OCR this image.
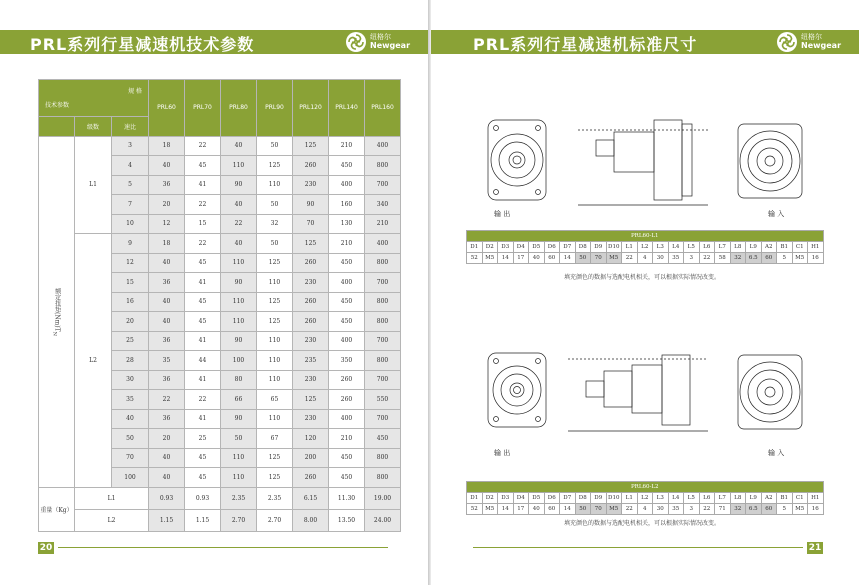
PRL系列行星减速机技术参数	纽格尔
Newgear
规 格
技术参数			PRL60	PRL70	PRL80	PRL90	PRL120	PRL140	PRL160
	级数	速比							
额定扭矩$(Nm)T_N$	L1	3	18	22	40	50	125	210	400
		4	40	45	110	125	260	450	800
		5	36	41	90	110	230	400	700
		7	20	22	40	50	90	160	340
		10	12	15	22	32	70	130	210
	L2	9	18	22	40	50	125	210	400
		12	40	45	110	125	260	450	800
		15	36	41	90	110	230	400	700
		16	40	45	110	125	260	450	800
		20	40	45	110	125	260	450	800
		25	36	41	90	110	230	400	700
		28	35	44	100	110	235	350	800
		30	36	41	80	110	230	260	700
		35	22	22	66	65	125	260	550
		40	36	41	90	110	230	400	700
		50	20	25	50	67	120	210	450
		70	40	45	110	125	200	450	800
		100	40	45	110	125	260	450	800
重量（Kg）	L1		0.93	0.93	2.35	2.35	6.15	11.30	19.00
	L2		1.15	1.15	2.70	2.70	8.00	13.50	24.00
20
PRL系列行星减速机标准尺寸	纽格尔
Newgear
21
输 出	输 入
PRL60-L1																						
D1	D2	D3	D4	D5	D6	D7	D8	D9	D10	L1	L2	L3	L4	L5	L6	L7	L8	L9	A2	B1	C1	H1
52	M5	14	17	40	60	14	50	70	M5	22	4	30	35	3	22	58	32	6.5	60	5	M5	16
填充颜色的数据与选配电机相关，可以根据实际情况改变。
输 出	输 入
PRL60-L2																						
D1	D2	D3	D4	D5	D6	D7	D8	D9	D10	L1	L2	L3	L4	L5	L6	L7	L8	L9	A2	B1	C1	H1
52	M5	14	17	40	60	14	50	70	M5	22	4	30	35	3	22	71	32	6.5	60	5	M5	16
填充颜色的数据与选配电机相关，可以根据实际情况改变。
